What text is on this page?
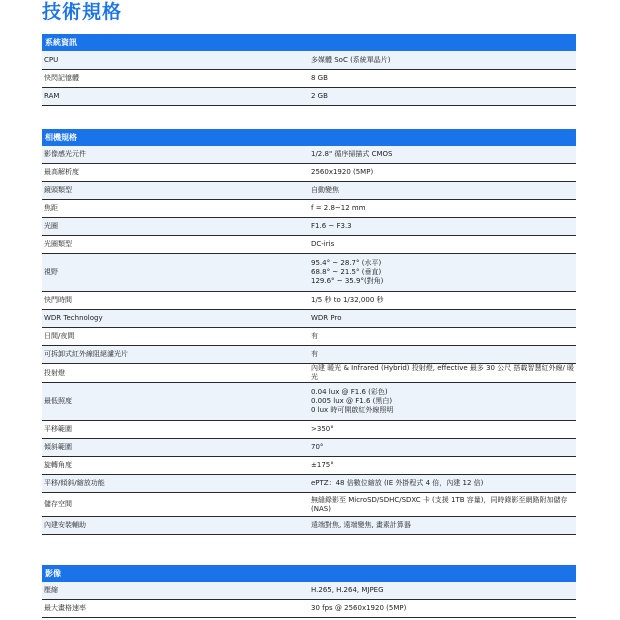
技術規格
系統資訊	
CPU	多媒體 SoC (系統單晶片)
快閃記憶體	8 GB
RAM	2 GB
相機規格	
影像感光元件	1/2.8" 循序掃描式 CMOS
最高解析度	2560x1920 (5MP)
鏡頭類型	自動變焦
焦距	f = 2.8~12 mm
光圈	F1.6 ~ F3.3
光圈類型	DC-iris
視野	95.4° ~ 28.7° (水平)
68.8° ~ 21.5° (垂直)
129.6° ~ 35.9°(對角)
快門時間	1/5 秒 to 1/32,000 秒
WDR Technology	WDR Pro
日間/夜間	有
可拆卸式紅外線阻絕濾光片	有
投射燈	內建 暖光 & Infrared (Hybrid) 投射燈, effective 最多 30 公尺 搭載智慧紅外線/ 暖光
最低照度	0.04 lux @ F1.6 (彩色)
0.005 lux @ F1.6 (黑白)
0 lux 時可開啟紅外線照明
平移範圍	>350°
傾斜範圍	70°
旋轉角度	±175°
平移/傾斜/縮放功能	ePTZ：48 倍數位縮放 (IE 外掛程式 4 倍，內建 12 倍)
儲存空間	無縫錄影至 MicroSD/SDHC/SDXC 卡 (支援 1TB 容量)，同時錄影至網路附加儲存 (NAS)
內建安裝輔助	遠端對焦, 遠端變焦, 畫素計算器
影像	
壓縮	H.265, H.264, MJPEG
最大畫格速率	30 fps @ 2560x1920 (5MP)
